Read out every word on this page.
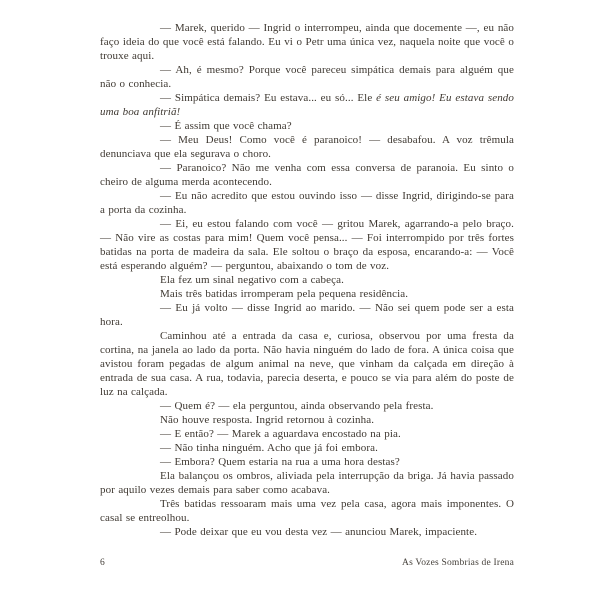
— Marek, querido — Ingrid o interrompeu, ainda que docemente —, eu não faço ideia do que você está falando. Eu vi o Petr uma única vez, naquela noite que você o trouxe aqui.

— Ah, é mesmo? Porque você pareceu simpática demais para alguém que não o conhecia.

— Simpática demais? Eu estava... eu só... Ele é seu amigo! Eu estava sendo uma boa anfitriã!

— É assim que você chama?

— Meu Deus! Como você é paranoico! — desabafou. A voz trêmula denunciava que ela segurava o choro.

— Paranoico? Não me venha com essa conversa de paranoia. Eu sinto o cheiro de alguma merda acontecendo.

— Eu não acredito que estou ouvindo isso — disse Ingrid, dirigindo-se para a porta da cozinha.

— Ei, eu estou falando com você — gritou Marek, agarrando-a pelo braço. — Não vire as costas para mim! Quem você pensa... — Foi interrompido por três fortes batidas na porta de madeira da sala. Ele soltou o braço da esposa, encarando-a: — Você está esperando alguém? — perguntou, abaixando o tom de voz.

Ela fez um sinal negativo com a cabeça.

Mais três batidas irromperam pela pequena residência.

— Eu já volto — disse Ingrid ao marido. — Não sei quem pode ser a esta hora.

Caminhou até a entrada da casa e, curiosa, observou por uma fresta da cortina, na janela ao lado da porta. Não havia ninguém do lado de fora. A única coisa que avistou foram pegadas de algum animal na neve, que vinham da calçada em direção à entrada de sua casa. A rua, todavia, parecia deserta, e pouco se via para além do poste de luz na calçada.

— Quem é? — ela perguntou, ainda observando pela fresta.

Não houve resposta. Ingrid retornou à cozinha.

— E então? — Marek a aguardava encostado na pia.

— Não tinha ninguém. Acho que já foi embora.

— Embora? Quem estaria na rua a uma hora destas?

Ela balançou os ombros, aliviada pela interrupção da briga. Já havia passado por aquilo vezes demais para saber como acabava.

Três batidas ressoaram mais uma vez pela casa, agora mais imponentes. O casal se entreolhou.

— Pode deixar que eu vou desta vez — anunciou Marek, impaciente.

6	As Vozes Sombrias de Irena
